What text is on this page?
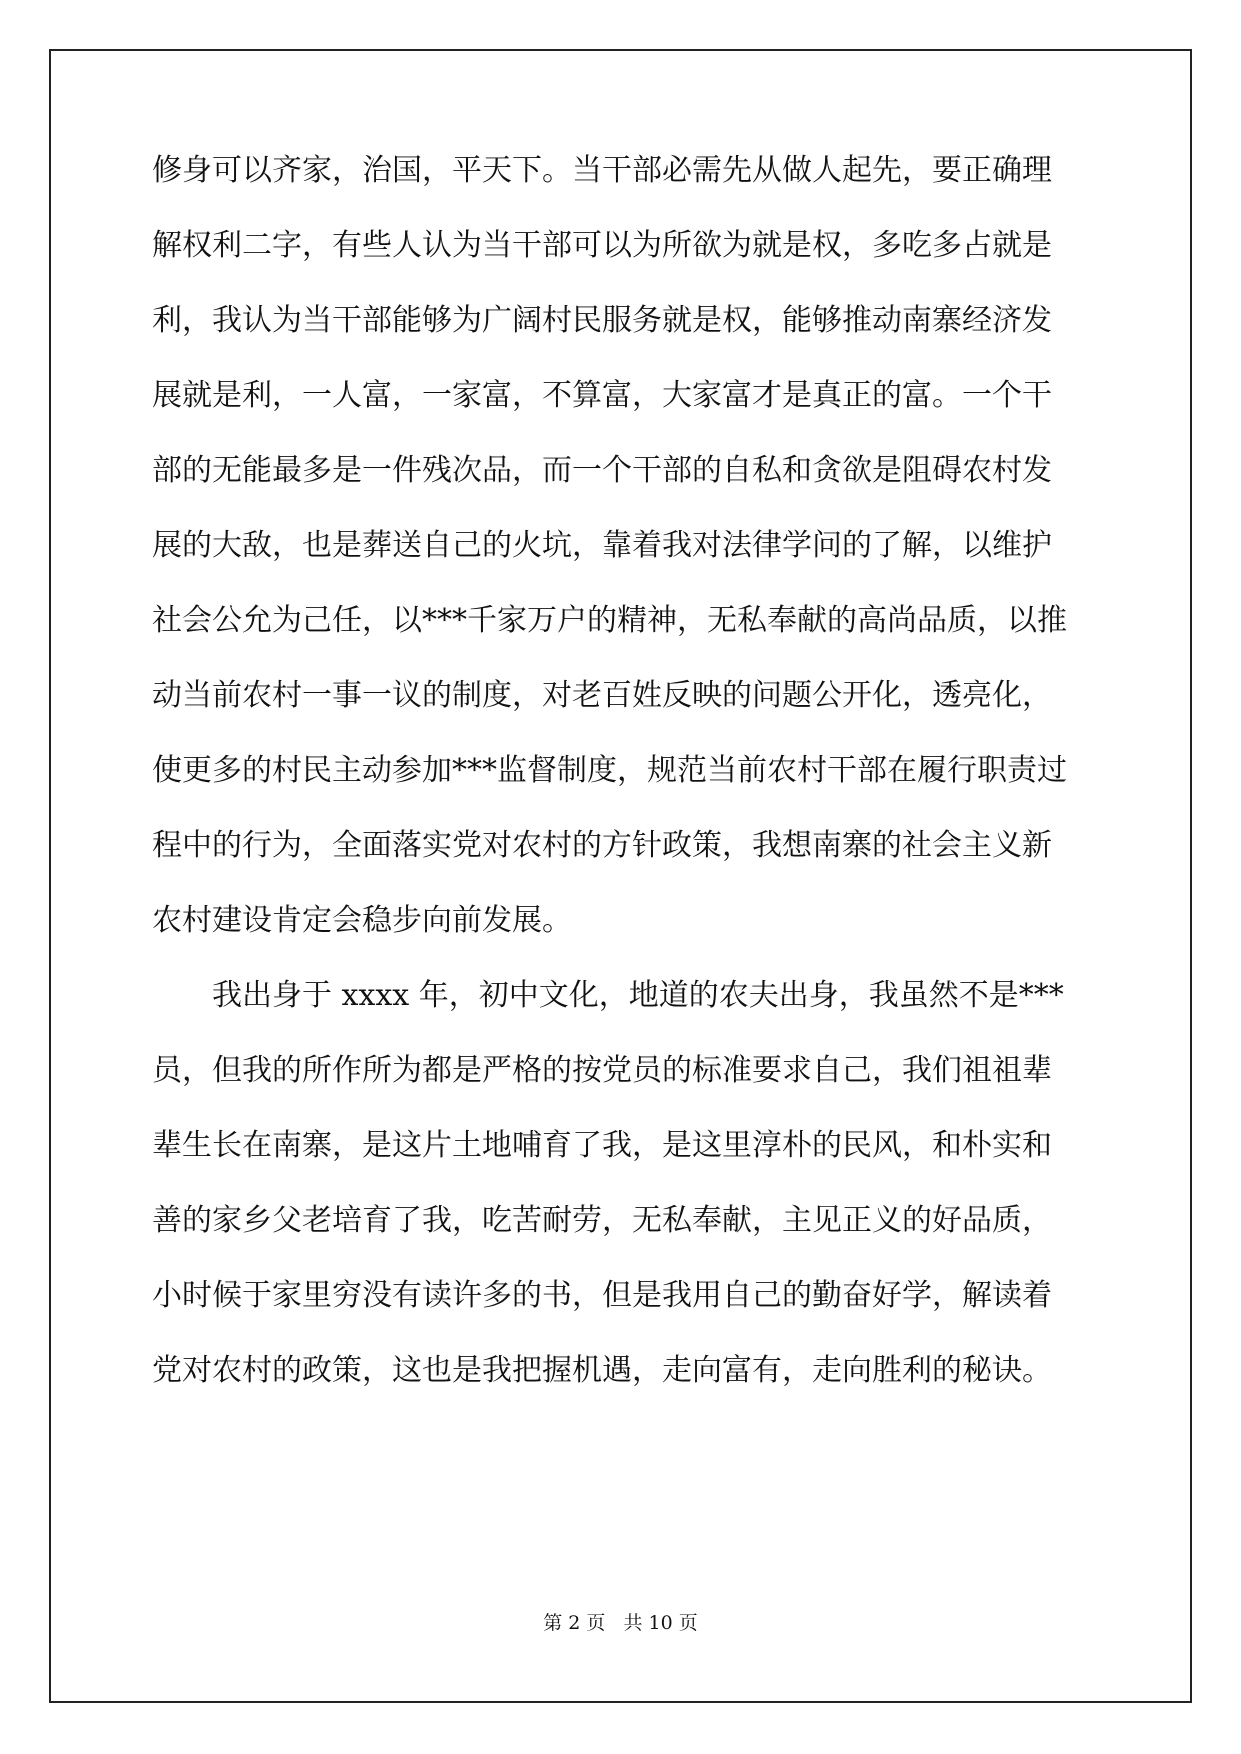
修身可以齐家，治国，平天下。当干部必需先从做人起先，要正确理
解权利二字，有些人认为当干部可以为所欲为就是权，多吃多占就是
利，我认为当干部能够为广阔村民服务就是权，能够推动南寨经济发
展就是利，一人富，一家富，不算富，大家富才是真正的富。一个干
部的无能最多是一件残次品，而一个干部的自私和贪欲是阻碍农村发
展的大敌，也是葬送自己的火坑，靠着我对法律学问的了解，以维护
社会公允为己任，以***千家万户的精神，无私奉献的高尚品质，以推
动当前农村一事一议的制度，对老百姓反映的问题公开化，透亮化，
使更多的村民主动参加***监督制度，规范当前农村干部在履行职责过
程中的行为，全面落实党对农村的方针政策，我想南寨的社会主义新
农村建设肯定会稳步向前发展。
我出身于 xxxx 年，初中文化，地道的农夫出身，我虽然不是***
员，但我的所作所为都是严格的按党员的标准要求自己，我们祖祖辈
辈生长在南寨，是这片土地哺育了我，是这里淳朴的民风，和朴实和
善的家乡父老培育了我，吃苦耐劳，无私奉献，主见正义的好品质，
小时候于家里穷没有读许多的书，但是我用自己的勤奋好学，解读着
党对农村的政策，这也是我把握机遇，走向富有，走向胜利的秘诀。
第 2 页 共 10 页
